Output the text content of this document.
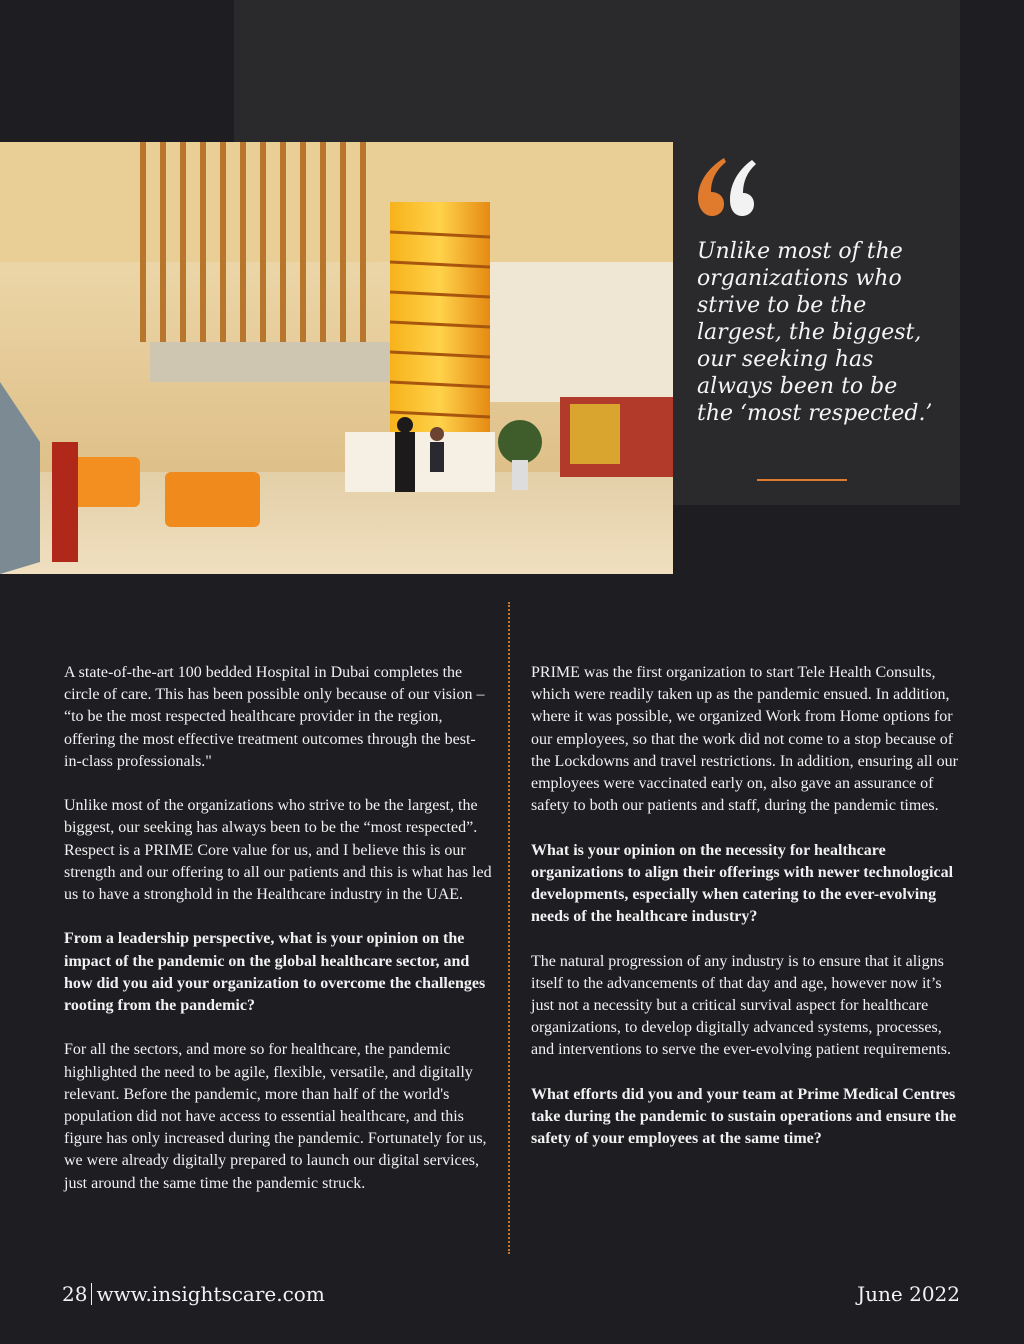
Unlike most of the organizations who strive to be the largest, the biggest, our seeking has always been to be the ‘most respected.’

A state-of-the-art 100 bedded Hospital in Dubai completes the circle of care. This has been possible only because of our vision – “to be the most respected healthcare provider in the region, offering the most effective treatment outcomes through the best-in-class professionals."

Unlike most of the organizations who strive to be the largest, the biggest, our seeking has always been to be the “most respected”. Respect is a PRIME Core value for us, and I believe this is our strength and our offering to all our patients and this is what has led us to have a stronghold in the Healthcare industry in the UAE.

From a leadership perspective, what is your opinion on the impact of the pandemic on the global healthcare sector, and how did you aid your organization to overcome the challenges rooting from the pandemic?

For all the sectors, and more so for healthcare, the pandemic highlighted the need to be agile, flexible, versatile, and digitally relevant. Before the pandemic, more than half of the world's population did not have access to essential healthcare, and this figure has only increased during the pandemic. Fortunately for us, we were already digitally prepared to launch our digital services, just around the same time the pandemic struck.

PRIME was the first organization to start Tele Health Consults, which were readily taken up as the pandemic ensued. In addition, where it was possible, we organized Work from Home options for our employees, so that the work did not come to a stop because of the Lockdowns and travel restrictions. In addition, ensuring all our employees were vaccinated early on, also gave an assurance of safety to both our patients and staff, during the pandemic times.

What is your opinion on the necessity for healthcare organizations to align their offerings with newer technological developments, especially when catering to the ever-evolving needs of the healthcare industry?

The natural progression of any industry is to ensure that it aligns itself to the advancements of that day and age, however now it’s just not a necessity but a critical survival aspect for healthcare organizations, to develop digitally advanced systems, processes, and interventions to serve the ever-evolving patient requirements.

What efforts did you and your team at Prime Medical Centres take during the pandemic to sustain operations and ensure the safety of your employees at the same time?

28 www.insightscare.com	June 2022
